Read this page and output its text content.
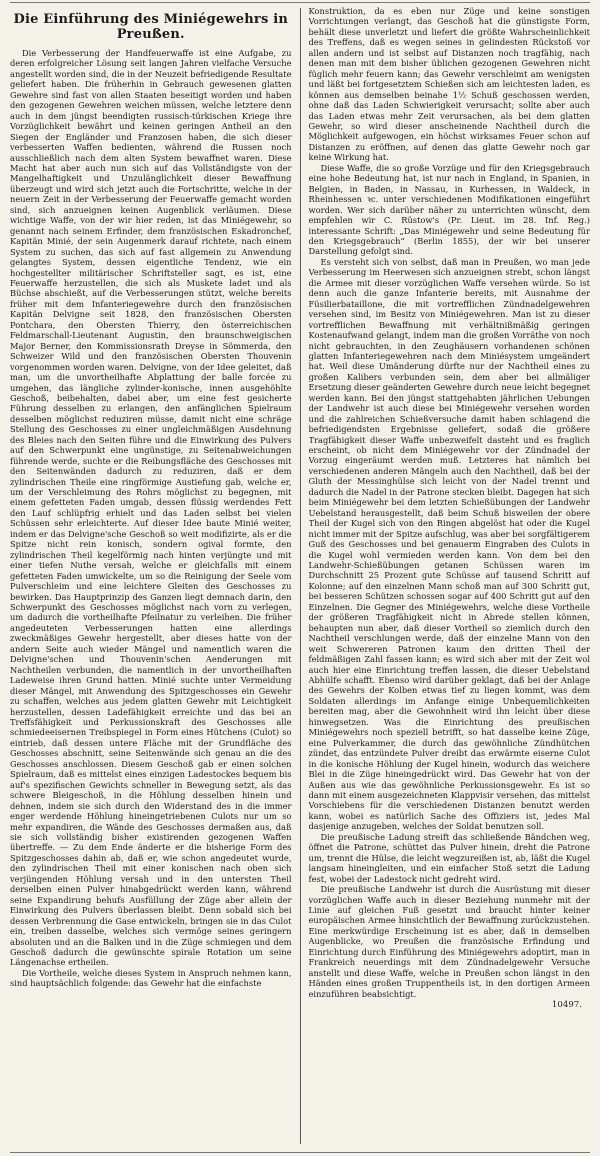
Die Einführung des Miniégewehrs in Preußen.

Die Verbesserung der Handfeuerwaffe ist eine Aufgabe, zu deren erfolgreicher Lösung seit langen Jahren vielfache Versuche angestellt worden sind, die in der Neuzeit befriedigende Resultate geliefert haben. Die früherhin in Gebrauch gewesenen glatten Gewehre sind fast von allen Staaten beseitigt worden und haben den gezogenen Gewehren weichen müssen, welche letztere denn auch in dem jüngst beendigten russisch-türkischen Kriege ihre Vorzüglichkeit bewährt und keinen geringen Antheil an den Siegen der Engländer und Franzosen haben, die sich dieser verbesserten Waffen bedienten, während die Russen noch ausschließlich nach dem alten System bewaffnet waren. Diese Macht hat aber auch nun sich auf das Vollständigste von der Mangelhaftigkeit und Unzulänglichkeit dieser Bewaffnung überzeugt und wird sich jetzt auch die Fortschritte, welche in der neuern Zeit in der Verbesserung der Feuerwaffe gemacht worden sind, sich anzueignen keinen Augenblick verläumen. Diese wichtige Waffe, von der wir hier reden, ist das Miniégewehr, so genannt nach seinem Erfinder, dem französischen Eskadronchef, Kapitän Minié, der sein Augenmerk darauf richtete, nach einem System zu suchen, das sich auf fast allgemein zu Anwendung gelangtes System, dessen eigentliche Tendenz, wie ein hochgestellter militärischer Schriftsteller sagt, es ist, eine Feuerwaffe herzustellen, die sich als Muskete ladet und als Büchse abschießt, auf die Verbesserungen stützt, welche bereits früher mit dem Infanteriegewehre durch den französischen Kapitän Delvigne seit 1828, den französischen Obersten Pontchara, den Obersten Thierry, den österreichischen Feldmarschall-Lieutenant Augustin, den braunschweigischen Major Berner, den Kommissionsrath Dreyse in Sömmerda, den Schweizer Wild und den französischen Obersten Thouvenin vorgenommen worden waren. Delvigne, von der Idee geleitet, daß man, um die unvortheilhafte Abplattung der balle forcée zu umgehen, das längliche zylinder-konische, innen ausgehöhlte Geschoß, beibehalten, dabei aber, um eine fest gesicherte Führung desselben zu erlangen, den anfänglichen Spielraum desselben möglichst reduziren müsse, damit nicht eine schräge Stellung des Geschosses zu einer ungleichmäßigen Ausdehnung des Bleies nach den Seiten führe und die Einwirkung des Pulvers auf den Schwerpunkt eine ungünstige, zu Seitenabweichungen führende werde, suchte er die Reibungsfläche des Geschosses mit den Seitenwänden dadurch zu reduziren, daß er dem zylindrischen Theile eine ringförmige Austiefung gab, welche er, um der Verschleimung des Rohrs möglichst zu begegnen, mit einem gefetteten Faden umgab, dessen flüssig werdendes Fett den Lauf schlüpfrig erhielt und das Laden selbst bei vielen Schüssen sehr erleichterte. Auf dieser Idee baute Minié weiter, indem er das Delvigne'sche Geschoß so weit modifizirte, als er die Spitze nicht rein konisch, sondern ogival formte, den zylindrischen Theil kegelförmig nach hinten verjüngte und mit einer tiefen Nuthe versah, welche er gleichfalls mit einem gefetteten Faden umwickelte, um so die Reinigung der Seele vom Pulverschleim und eine leichtere Gleiten des Geschosses zu bewirken. Das Hauptprinzip des Ganzen liegt demnach darin, den Schwerpunkt des Geschosses möglichst nach vorn zu verlegen, um dadurch die vortheilhafte Pfeilnatur zu verleihen. Die früher angedeuteten Verbesserungen hatten eine allerdings zweckmäßiges Gewehr hergestellt, aber dieses hatte von der andern Seite auch wieder Mängel und namentlich waren die Delvigne'schen und Thouvenin'schen Aenderungen mit Nachtheilen verbunden, die namentlich in der unvortheilhaften Ladeweise ihren Grund hatten. Minié suchte unter Vermeidung dieser Mängel, mit Anwendung des Spitzgeschosses ein Gewehr zu schaffen, welches aus jedem glatten Gewehr mit Leichtigkeit herzustellen, dessen Ladefähigkeit erreichte und das bei an Treffsfähigkeit und Perkussionskraft des Geschosses alle schmiedeeisernen Treibspiegel in Form eines Hütchens (Culot) so eintrieb, daß dessen untere Fläche mit der Grundfläche des Geschosses abschnitt, seine Seitenwände sich genau an die des Geschosses anschlossen. Diesem Geschoß gab er einen solchen Spielraum, daß es mittelst eines einzigen Ladestockes bequem bis auf's spezifischen Gewichts schneller in Bewegung setzt, als das schwere Bleigeschoß, in die Höhlung desselben hinein und dehnen, indem sie sich durch den Widerstand des in die immer enger werdende Höhlung hineingetriebenen Culots nur um so mehr expandiren, die Wände des Geschosses dermaßen aus, daß sie sich vollständig bisher existirenden gezogenen Waffen übertreffe. — Zu dem Ende änderte er die bisherige Form des Spitzgeschosses dahin ab, daß er, wie schon angedeutet wurde, den zylindrischen Theil mit einer konischen nach oben sich verjüngenden Höhlung versah und in den untersten Theil derselben einen Pulver hinabgedrückt werden kann, während seine Expandirung behufs Ausfüllung der Züge aber allein der Einwirkung des Pulvers überlassen bleibt. Denn sobald sich bei dessen Verbrennung die Gase entwickeln, bringen sie in das Culot ein, treiben dasselbe, welches sich vermöge seines geringern absoluten und an die Balken und in die Züge schmiegen und dem Geschoß dadurch die gewünschte spirale Rotation um seine Längenachse ertheilen.

Die Vortheile, welche dieses System in Anspruch nehmen kann, sind hauptsächlich folgende: das Gewehr hat die einfachste

Konstruktion, da es eben nur Züge und keine sonstigen Vorrichtungen verlangt, das Geschoß hat die günstigste Form, behält diese unverletzt und liefert die größte Wahrscheinlichkeit des Treffens, daß es wegen seines in gelindesten Rückstoß vor allen andern und ist selbst auf Distanzen noch tragfähig, nach denen man mit dem bisher üblichen gezogenen Gewehren nicht füglich mehr feuern kann; das Gewehr verschleimt am wenigsten und läßt bei fortgesetztem Schießen sich am leichtesten laden, es können aus demselben beinahe 1½ Schuß geschossen werden, ohne daß das Laden Schwierigkeit verursacht; sollte aber auch das Laden etwas mehr Zeit verursachen, als bei dem glatten Gewehr, so wird dieser anscheinende Nachtheil durch die Möglichkeit aufgewogen, ein höchst wirksames Feuer schon auf Distanzen zu eröffnen, auf denen das glatte Gewehr noch gar keine Wirkung hat.

Diese Waffe, die so große Vorzüge und für den Kriegsgebrauch eine hohe Bedeutung hat, ist nur nach in England, in Spanien, in Belgien, in Baden, in Nassau, in Kurhessen, in Waldeck, in Rheinhessen ꝛc. unter verschiedenen Modifikationen eingeführt worden. Wer sich darüber näher zu unterrichten wünscht, dem empfehlen wir C. Rüstow's (Pr. Lieut. im 28. Inf. Reg.) interessante Schrift: „Das Miniégewehr und seine Bedeutung für den Kriegsgebrauch“ (Berlin 1855), der wir bei unserer Darstellung gefolgt sind.

Es versteht sich von selbst, daß man in Preußen, wo man jede Verbesserung im Heerwesen sich anzueignen strebt, schon längst die Armee mit dieser vorzüglichen Waffe versehen würde. So ist denn auch die ganze Infanterie bereits, mit Ausnahme der Füsilierbataillone, die mit vortrefflichen Zündnadelgewehren versehen sind, im Besitz von Miniégewehren. Man ist zu dieser vortrefflichen Bewaffnung mit verhältnißmäßig geringen Kostenaufwand gelangt, indem man die großen Vorräthe von noch nicht gebrauchten, in den Zeughäusern vorhandenen schönen glatten Infanteriegewehren nach dem Miniésystem umgeändert hat. Weil diese Umänderung dürfte nur der Nachtheil eines zu großen Kalibers verbunden sein, dem aber bei allmäliger Ersetzung dieser geänderten Gewehre durch neue leicht begegnet werden kann. Bei den jüngst stattgehabten jährlichen Uebungen der Landwehr ist auch diese bei Miniégewehr versehen worden und die zahlreichen Schießversuche damit haben schlagend die befriedigendsten Ergebnisse geliefert, sodaß die größere Tragfähigkeit dieser Waffe unbezweifelt dasteht und es fraglich erscheint, ob nicht dem Miniégewehr vor der Zündnadel der Vorzug eingeräumt werden muß. Letzteres hat nämlich bei verschiedenen anderen Mängeln auch den Nachtheil, daß bei der Gluth der Messinghülse sich leicht von der Nadel trennt und dadurch die Nadel in der Patrone stecken bleibt. Dagegen hat sich beim Miniégewehr bei dem letzten Schießübungen der Landwehr Uebelstand herausgestellt, daß beim Schuß bisweilen der obere Theil der Kugel sich von den Ringen abgelöst hat oder die Kugel nicht immer mit der Spitze aufschlug, was aber bei sorgfältigerem Guß des Geschosses und bei genauerm Eingraben des Culots in die Kugel wohl vermieden werden kann. Von dem bei den Landwehr-Schießübungen getanen Schüssen waren im Durchschnitt 25 Prozent gute Schüsse auf tausend Schritt auf Kolonne; auf den einzelnen Mann schoß man auf 300 Schritt gut, bei besseren Schützen schossen sogar auf 400 Schritt gut auf den Einzelnen. Die Gegner des Miniégewehrs, welche diese Vortheile der größeren Tragfähigkeit nicht in Abrede stellen können, behaupten nun aber, daß dieser Vortheil so ziemlich durch den Nachtheil verschlungen werde, daß der einzelne Mann von den weit Schwereren Patronen kaum den dritten Theil der feldmäßigen Zahl fassen kann; es wird sich aber mit der Zeit wol auch hier eine Einrichtung treffen lassen, die dieser Uebelstand Abhülfe schafft. Ebenso wird darüber geklagt, daß bei der Anlage des Gewehrs der Kolben etwas tief zu liegen kommt, was dem Soldaten allerdings im Anfange einige Unbequemlichkeiten bereiten mag, aber die Gewohnheit wird ihn leicht über diese hinwegsetzen. Was die Einrichtung des preußischen Miniégewehrs noch speziell betrifft, so hat dasselbe keine Züge, eine Pulverkammer, die durch das gewöhnliche Zündhütchen zündet, das entzündete Pulver dreibt das erwärmte eiserne Culot in die konische Höhlung der Kugel hinein, wodurch das weichere Blei in die Züge hineingedrückt wird. Das Gewehr hat von der Außen aus wie das gewöhnliche Perkussionsgewehr. Es ist so dann mit einem ausgezeichneten Klappvisir versehen, das mittelst Vorschiebens für die verschiedenen Distanzen benutzt werden kann, wobei es natürlich Sache des Offiziers ist, jedes Mal dasjenige anzugeben, welches der Soldat benutzen soll.

Die preußische Ladung streift das schließende Bändchen weg, öffnet die Patrone, schüttet das Pulver hinein, dreht die Patrone um, trennt die Hülse, die leicht wegzureißen ist, ab, läßt die Kugel langsam hineingleiten, und ein einfacher Stoß setzt die Ladung fest, wobei der Ladestock nicht gedreht wird.

Die preußische Landwehr ist durch die Ausrüstung mit dieser vorzüglichen Waffe auch in dieser Beziehung nunmehr mit der Linie auf gleichen Fuß gesetzt und braucht hinter keiner europäischen Armee hinsichtlich der Bewaffnung zurückzustehen. Eine merkwürdige Erscheinung ist es aber, daß in demselben Augenblicke, wo Preußen die französische Erfindung und Einrichtung durch Einführung des Miniégewehrs adoptirt, man in Frankreich neuerdings mit dem Zündnadelgewehr Versuche anstellt und diese Waffe, welche in Preußen schon längst in den Händen eines großen Truppentheils ist, in den dortigen Armeen einzuführen beabsichtigt.

10497.
